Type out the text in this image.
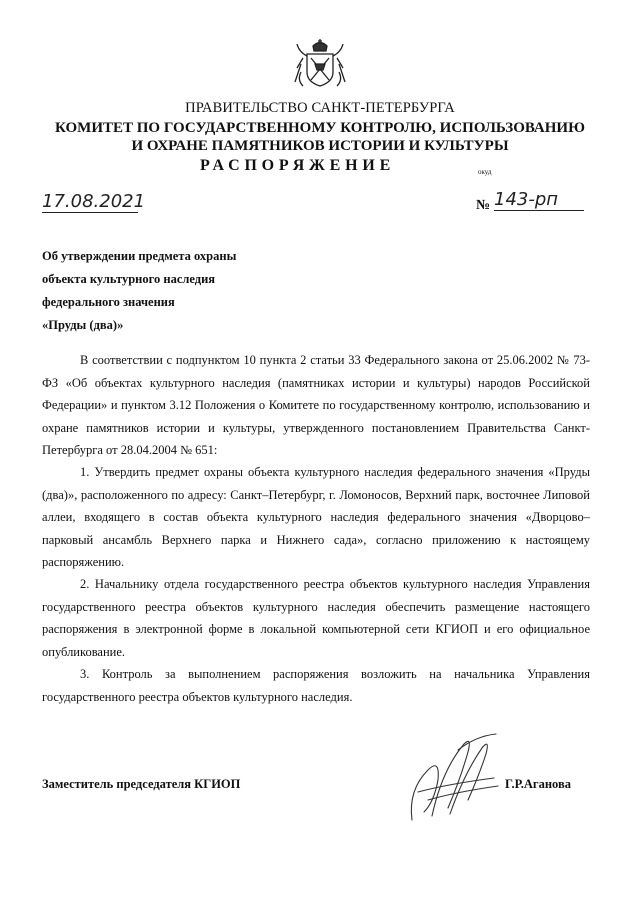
ПРАВИТЕЛЬСТВО САНКТ-ПЕТЕРБУРГА
КОМИТЕТ ПО ГОСУДАРСТВЕННОМУ КОНТРОЛЮ, ИСПОЛЬЗОВАНИЮ
И ОХРАНЕ ПАМЯТНИКОВ ИСТОРИИ И КУЛЬТУРЫ
РАСПОРЯЖЕНИЕ	окуд
17.08.2021	№ 143-рп
Об утверждении предмета охраны
объекта культурного наследия
федерального значения
«Пруды (два)»
В соответствии с подпунктом 10 пункта 2 статьи 33 Федерального закона от 25.06.2002 № 73-ФЗ «Об объектах культурного наследия (памятниках истории и культуры) народов Российской Федерации» и пунктом 3.12 Положения о Комитете по государственному контролю, использованию и охране памятников истории и культуры, утвержденного постановлением Правительства Санкт-Петербурга от 28.04.2004 № 651:
1. Утвердить предмет охраны объекта культурного наследия федерального значения «Пруды (два)», расположенного по адресу: Санкт–Петербург, г. Ломоносов, Верхний парк, восточнее Липовой аллеи, входящего в состав объекта культурного наследия федерального значения «Дворцово–парковый ансамбль Верхнего парка и Нижнего сада», согласно приложению к настоящему распоряжению.
2. Начальнику отдела государственного реестра объектов культурного наследия Управления государственного реестра объектов культурного наследия обеспечить размещение настоящего распоряжения в электронной форме в локальной компьютерной сети КГИОП и его официальное опубликование.
3. Контроль за выполнением распоряжения возложить на начальника Управления государственного реестра объектов культурного наследия.
Заместитель председателя КГИОП	Г.Р.Аганова
